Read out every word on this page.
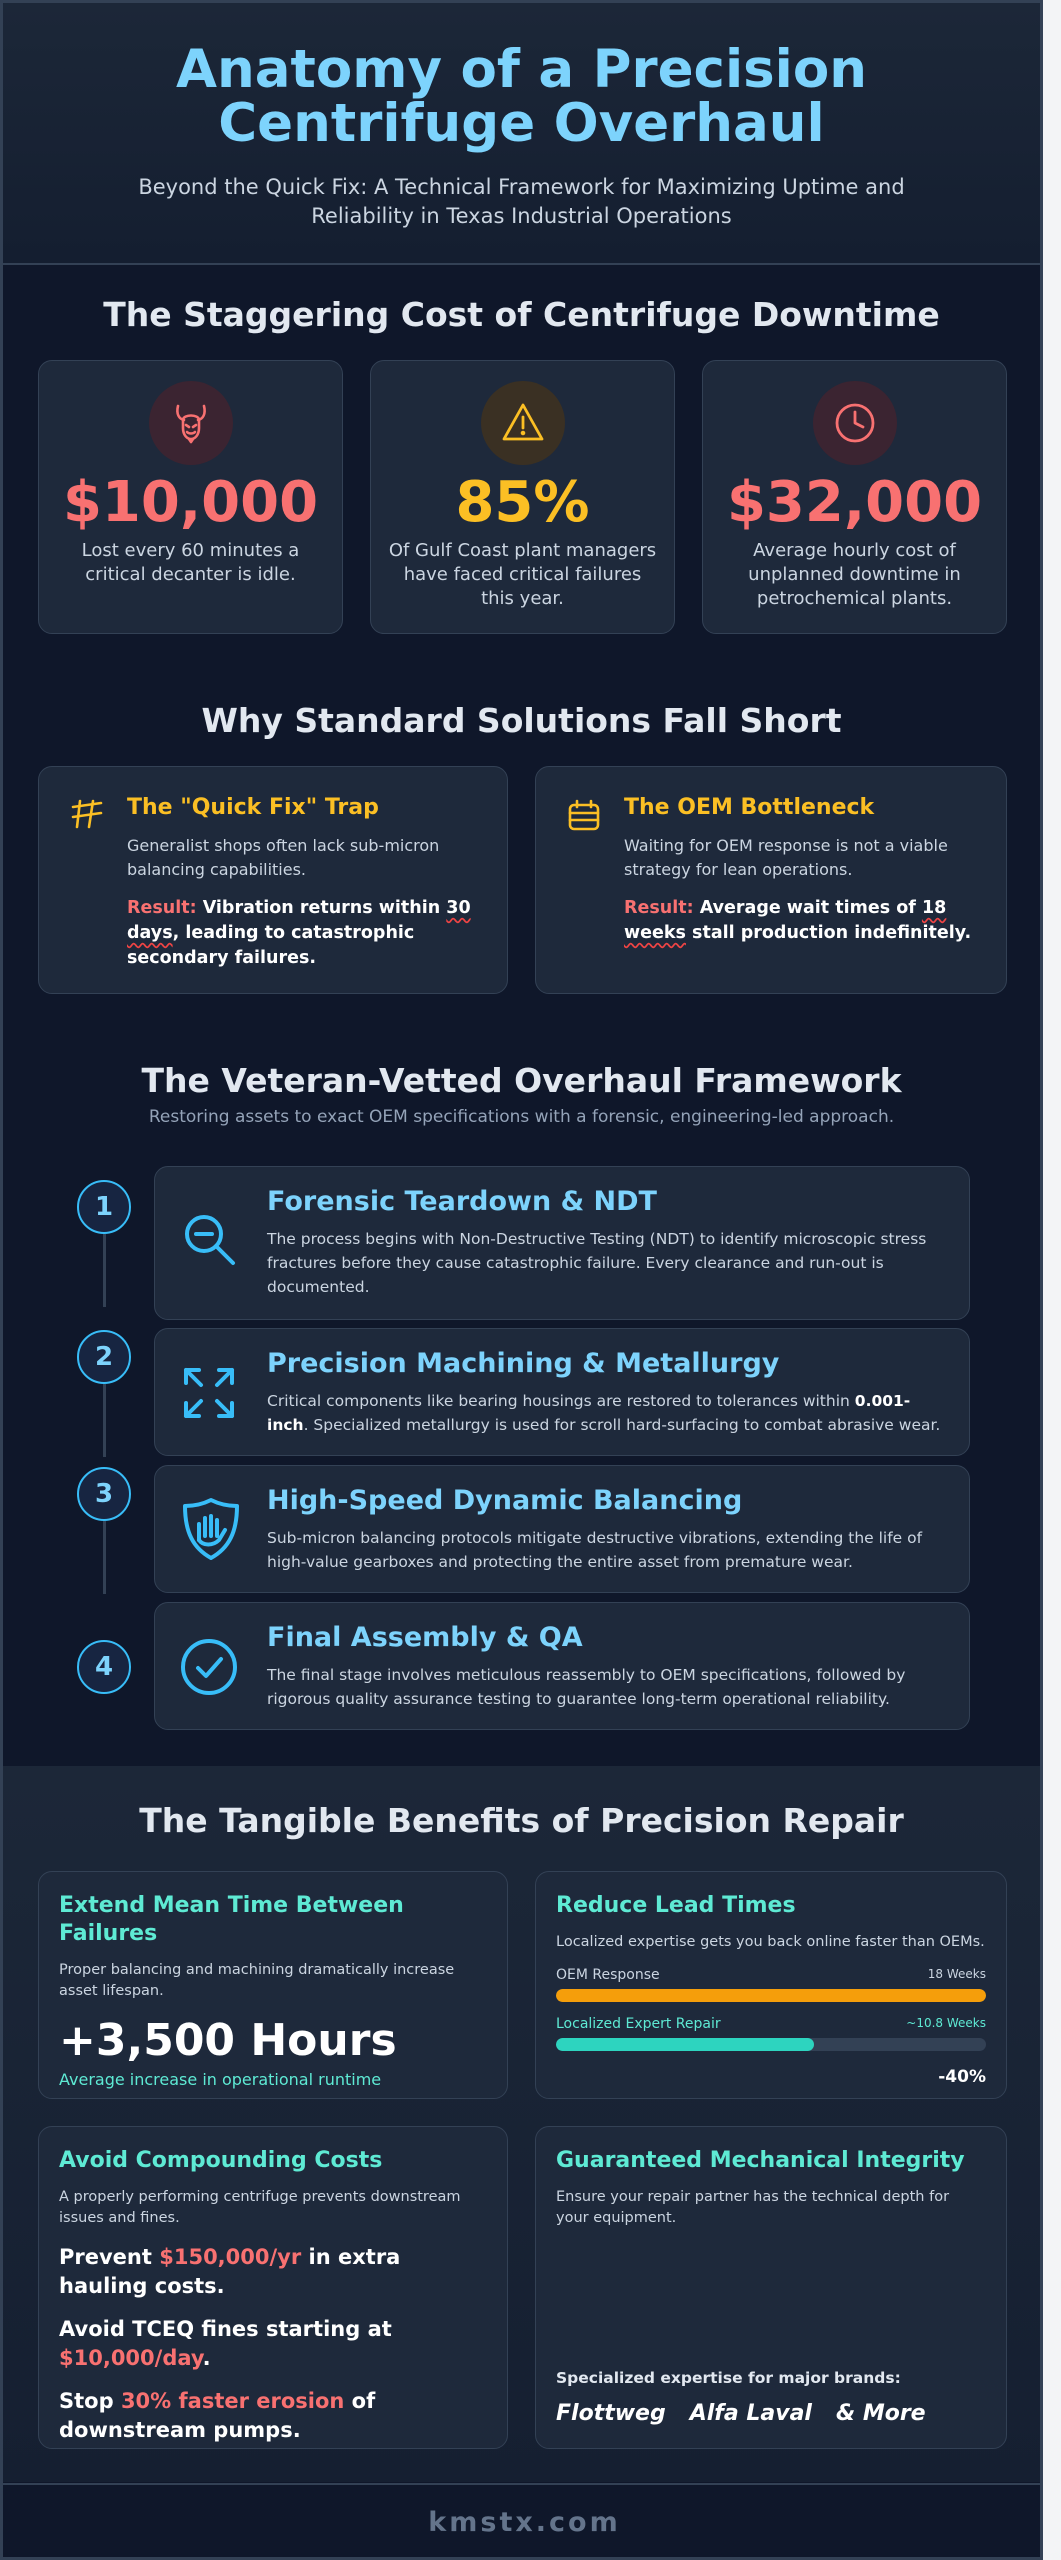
Anatomy of a Precision Centrifuge Overhaul

Beyond the Quick Fix: A Technical Framework for Maximizing Uptime and Reliability in Texas Industrial Operations

The Staggering Cost of Centrifuge Downtime
$10,000
Lost every 60 minutes a critical decanter is idle.
85%
Of Gulf Coast plant managers have faced critical failures this year.
$32,000
Average hourly cost of unplanned downtime in petrochemical plants.
Why Standard Solutions Fall Short
The "Quick Fix" Trap
Generalist shops often lack sub-micron balancing capabilities.
Result: Vibration returns within 30 days, leading to catastrophic secondary failures.
The OEM Bottleneck
Waiting for OEM response is not a viable strategy for lean operations.
Result: Average wait times of 18 weeks stall production indefinitely.
The Veteran-Vetted Overhaul Framework
Restoring assets to exact OEM specifications with a forensic, engineering-led approach.
1
2
3
4
Forensic Teardown & NDT
The process begins with Non-Destructive Testing (NDT) to identify microscopic stress fractures before they cause catastrophic failure. Every clearance and run-out is documented.
Precision Machining & Metallurgy
Critical components like bearing housings are restored to tolerances within 0.001-inch. Specialized metallurgy is used for scroll hard-surfacing to combat abrasive wear.
High-Speed Dynamic Balancing
Sub-micron balancing protocols mitigate destructive vibrations, extending the life of high-value gearboxes and protecting the entire asset from premature wear.
Final Assembly & QA
The final stage involves meticulous reassembly to OEM specifications, followed by rigorous quality assurance testing to guarantee long-term operational reliability.
The Tangible Benefits of Precision Repair
Extend Mean Time Between Failures
Proper balancing and machining dramatically increase asset lifespan.
+3,500 Hours
Average increase in operational runtime
Reduce Lead Times
Localized expertise gets you back online faster than OEMs.
OEM Response	18 Weeks
Localized Expert Repair	~10.8 Weeks
-40%
Avoid Compounding Costs
A properly performing centrifuge prevents downstream issues and fines.
Prevent $150,000/yr in extra hauling costs.
Avoid TCEQ fines starting at $10,000/day.
Stop 30% faster erosion of downstream pumps.
Guaranteed Mechanical Integrity
Ensure your repair partner has the technical depth for your equipment.
Specialized expertise for major brands:
Flottweg Alfa Laval & More
kmstx.com
